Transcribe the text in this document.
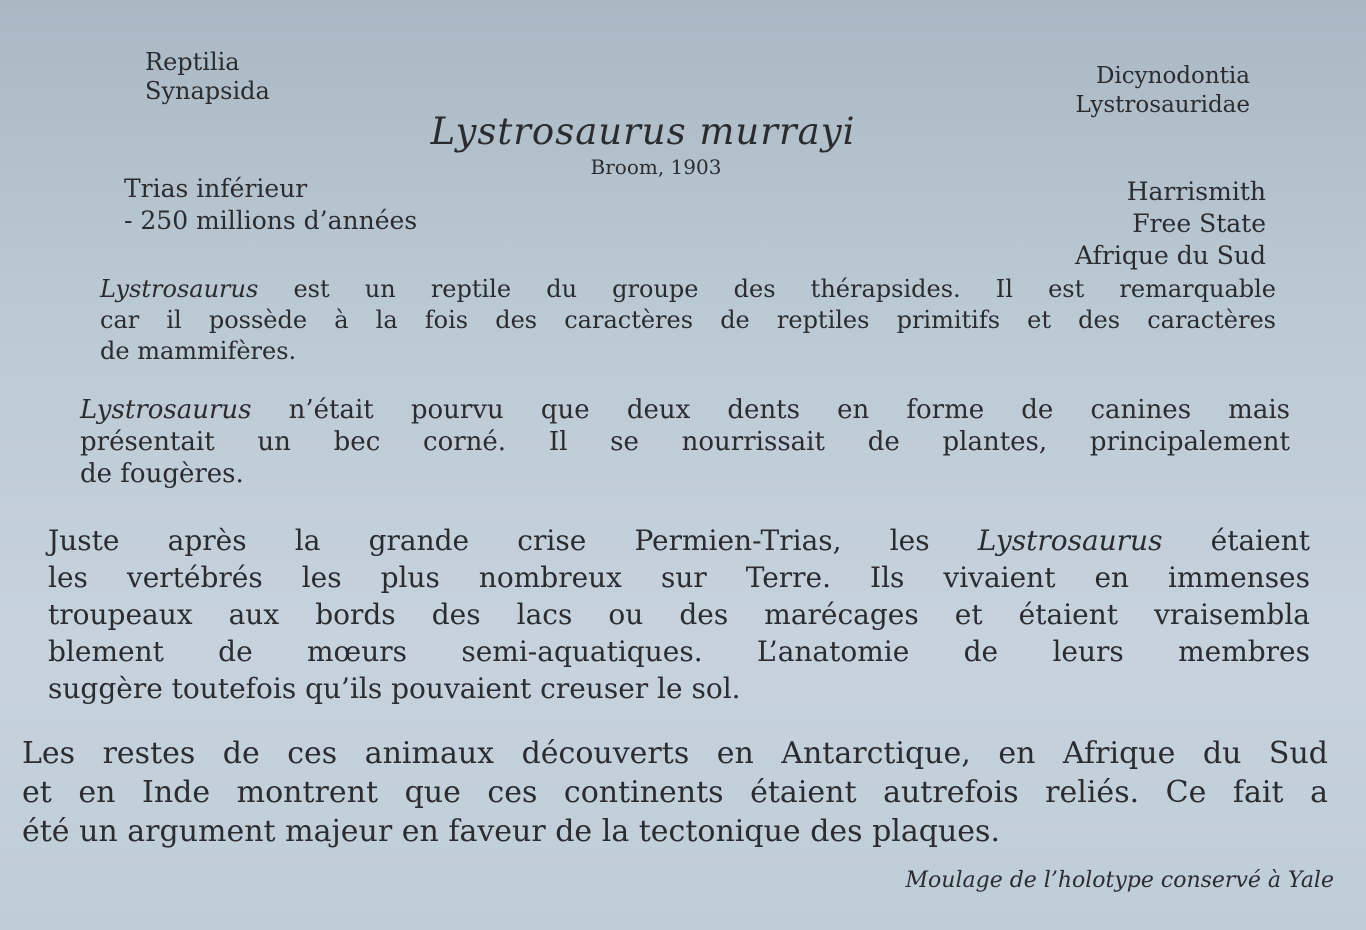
Reptilia
Synapsida
Dicynodontia
Lystrosauridae
Lystrosaurus murrayi
Broom, 1903
Trias inférieur
- 250 millions d’années
Harrismith
Free State
Afrique du Sud
Lystrosaurus est un reptile du groupe des thérapsides. Il est remarquable
car il possède à la fois des caractères de reptiles primitifs et des caractères
de mammifères.
Lystrosaurus n’était pourvu que deux dents en forme de canines mais
présentait un bec corné. Il se nourrissait de plantes, principalement
de fougères.
Juste après la grande crise Permien-Trias, les Lystrosaurus étaient
les vertébrés les plus nombreux sur Terre. Ils vivaient en immenses
troupeaux aux bords des lacs ou des marécages et étaient vraisembla
blement de mœurs semi-aquatiques. L’anatomie de leurs membres
suggère toutefois qu’ils pouvaient creuser le sol.
Les restes de ces animaux découverts en Antarctique, en Afrique du Sud
et en Inde montrent que ces continents étaient autrefois reliés. Ce fait a
été un argument majeur en faveur de la tectonique des plaques.
Moulage de l’holotype conservé à Yale
